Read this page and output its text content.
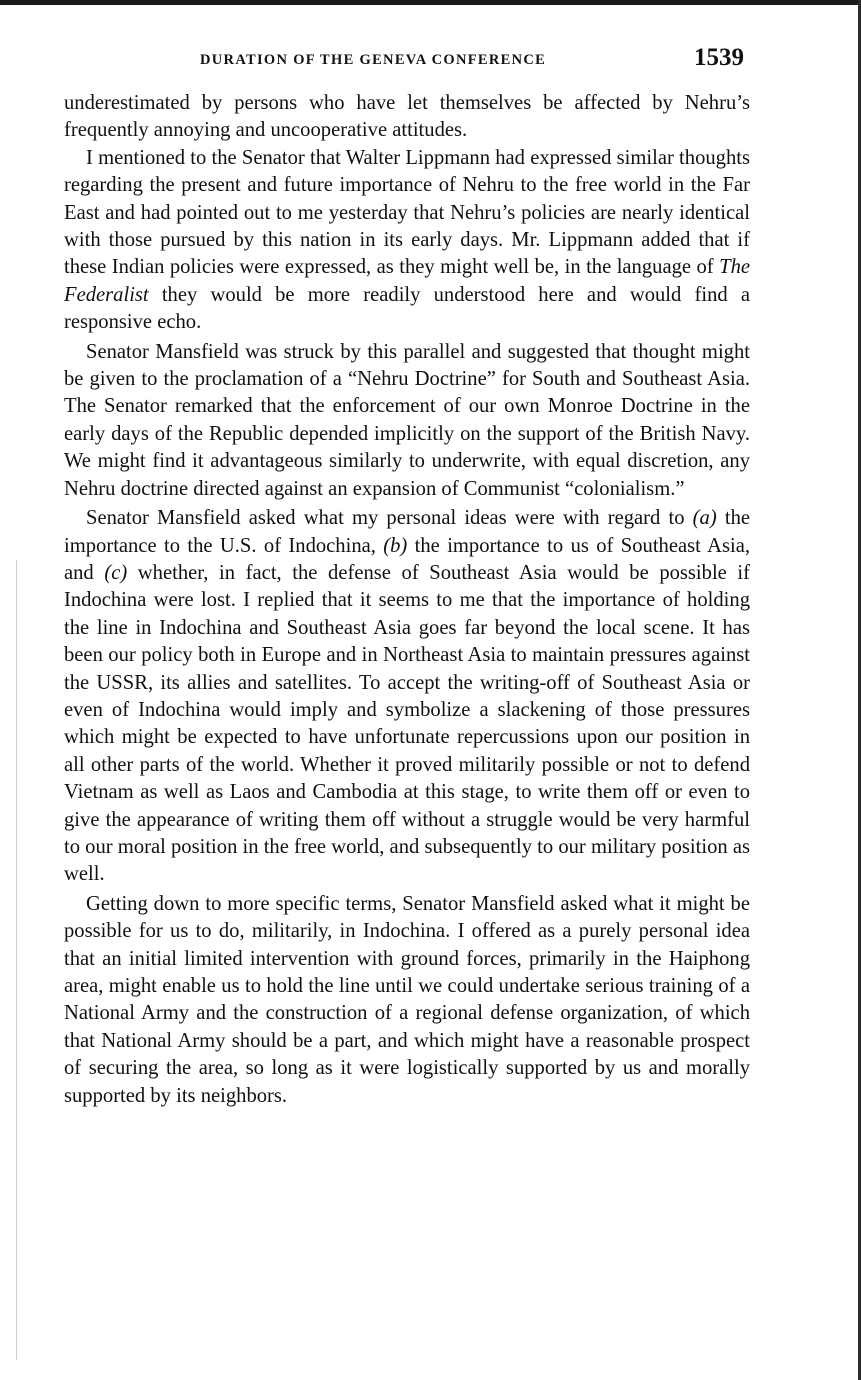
DURATION OF THE GENEVA CONFERENCE	1539

underestimated by persons who have let themselves be affected by Nehru’s frequently annoying and uncooperative attitudes.

I mentioned to the Senator that Walter Lippmann had expressed similar thoughts regarding the present and future importance of Nehru to the free world in the Far East and had pointed out to me yesterday that Nehru’s policies are nearly identical with those pursued by this nation in its early days. Mr. Lippmann added that if these Indian policies were expressed, as they might well be, in the language of The Federalist they would be more readily understood here and would find a responsive echo.

Senator Mansfield was struck by this parallel and suggested that thought might be given to the proclamation of a “Nehru Doctrine” for South and Southeast Asia. The Senator remarked that the enforcement of our own Monroe Doctrine in the early days of the Republic depended implicitly on the support of the British Navy. We might find it advantageous similarly to underwrite, with equal discretion, any Nehru doctrine directed against an expansion of Communist “colonialism.”

Senator Mansfield asked what my personal ideas were with regard to (a) the importance to the U.S. of Indochina, (b) the importance to us of Southeast Asia, and (c) whether, in fact, the defense of Southeast Asia would be possible if Indochina were lost. I replied that it seems to me that the importance of holding the line in Indochina and Southeast Asia goes far beyond the local scene. It has been our policy both in Europe and in Northeast Asia to maintain pressures against the USSR, its allies and satellites. To accept the writing-off of Southeast Asia or even of Indochina would imply and symbolize a slackening of those pressures which might be expected to have unfortunate repercussions upon our position in all other parts of the world. Whether it proved militarily possible or not to defend Vietnam as well as Laos and Cambodia at this stage, to write them off or even to give the appearance of writing them off without a struggle would be very harmful to our moral position in the free world, and subsequently to our military position as well.

Getting down to more specific terms, Senator Mansfield asked what it might be possible for us to do, militarily, in Indochina. I offered as a purely personal idea that an initial limited intervention with ground forces, primarily in the Haiphong area, might enable us to hold the line until we could undertake serious training of a National Army and the construction of a regional defense organization, of which that National Army should be a part, and which might have a reasonable prospect of securing the area, so long as it were logistically supported by us and morally supported by its neighbors.
